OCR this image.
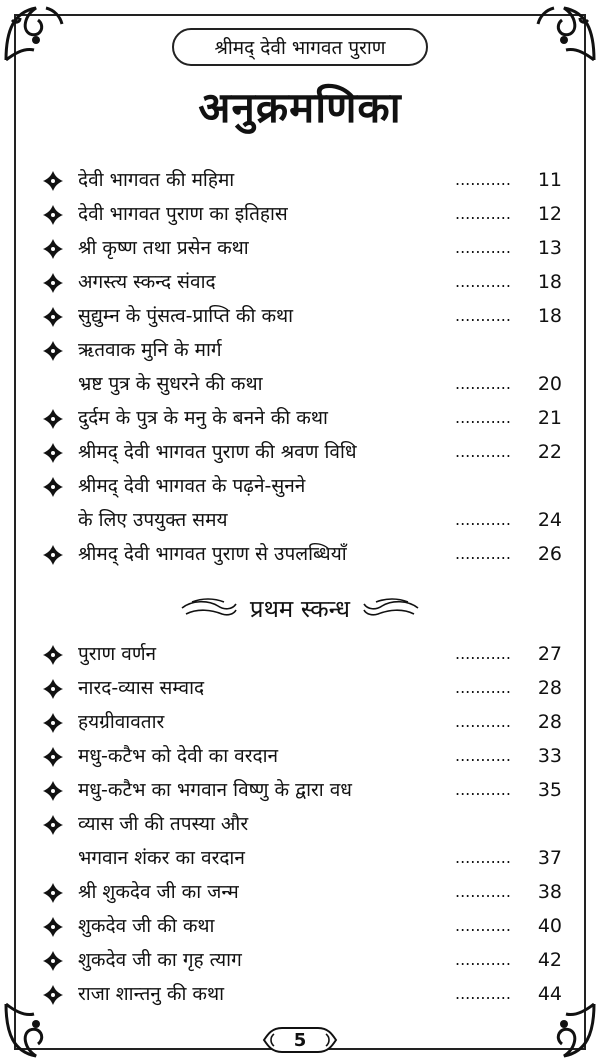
श्रीमद् देवी भागवत पुराण
अनुक्रमणिका
देवी भागवत की महिमा	...........	11
देवी भागवत पुराण का इतिहास	...........	12
श्री कृष्ण तथा प्रसेन कथा	...........	13
अगस्त्य स्कन्द संवाद	...........	18
सुद्युम्न के पुंसत्व-प्राप्ति की कथा	...........	18
ऋतवाक मुनि के मार्ग
भ्रष्ट पुत्र के सुधरने की कथा	...........	20
दुर्दम के पुत्र के मनु के बनने की कथा	...........	21
श्रीमद् देवी भागवत पुराण की श्रवण विधि	...........	22
श्रीमद् देवी भागवत के पढ़ने-सुनने
के लिए उपयुक्त समय	...........	24
श्रीमद् देवी भागवत पुराण से उपलब्धियाँ	...........	26
पुराण वर्णन	...........	27
नारद-व्यास सम्वाद	...........	28
हयग्रीवावतार	...........	28
मधु-कटैभ को देवी का वरदान	...........	33
मधु-कटैभ का भगवान विष्णु के द्वारा वध	...........	35
व्यास जी की तपस्या और
भगवान शंकर का वरदान	...........	37
श्री शुकदेव जी का जन्म	...........	38
शुकदेव जी की कथा	...........	40
शुकदेव जी का गृह त्याग	...........	42
राजा शान्तनु की कथा	...........	44
प्रथम स्कन्ध
5
